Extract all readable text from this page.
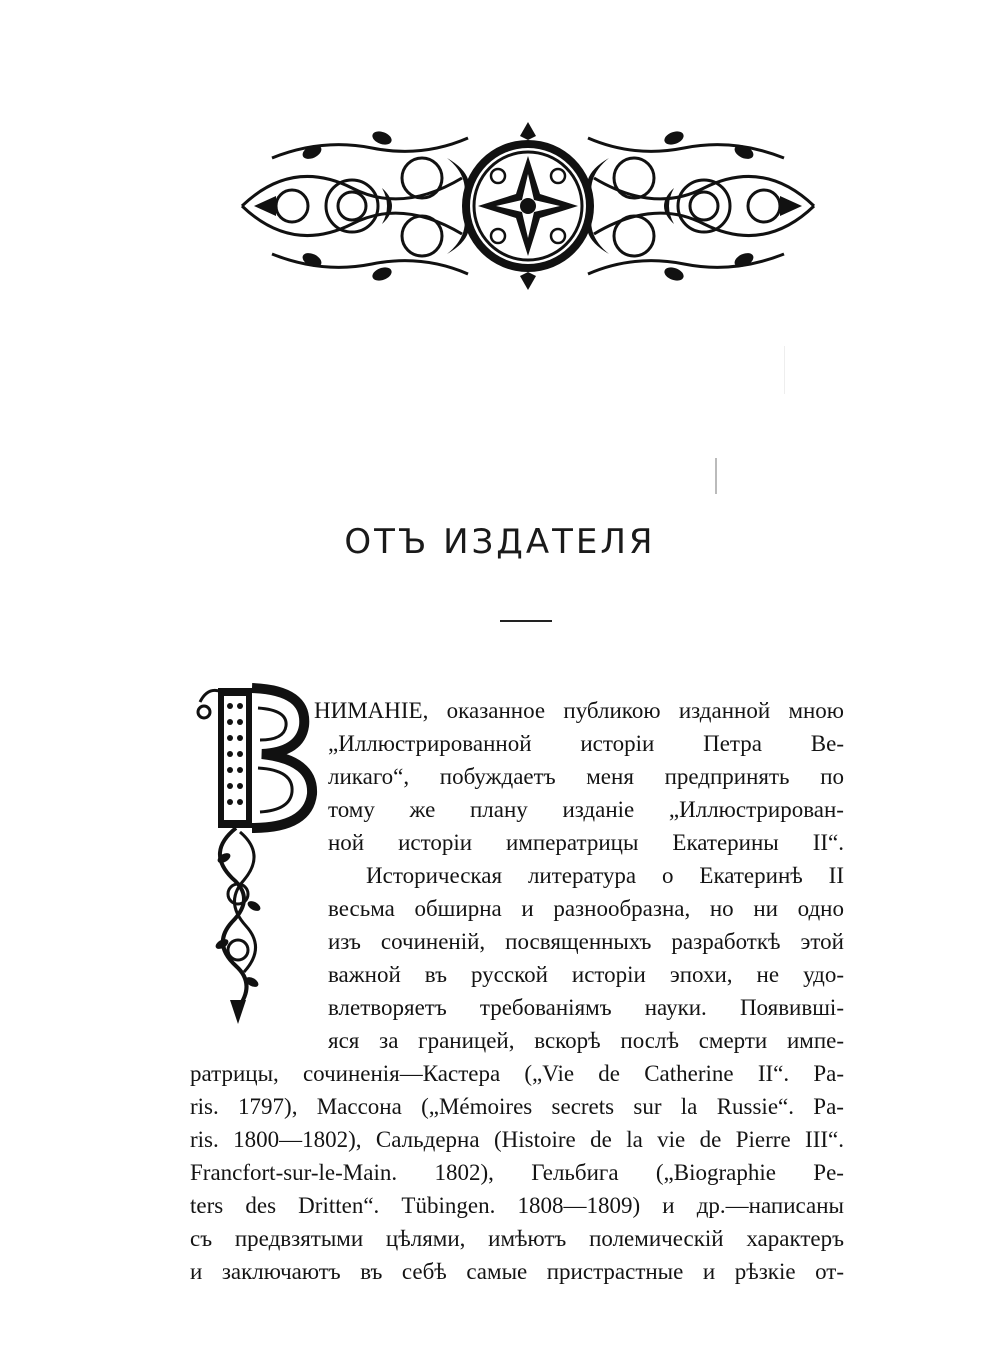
ОТЪ ИЗДАТЕЛЯ
НИМАНІЕ, оказанное публикою изданной мною
„Иллюстрированной исторіи Петра Ве-
ликаго“, побуждаетъ меня предпринять по
тому же плану изданіе „Иллюстрирован-
ной исторіи императрицы Екатерины II“.
Историческая литература о Екатеринѣ II
весьма обширна и разнообразна, но ни одно
изъ сочиненій, посвященныхъ разработкѣ этой
важной въ русской исторіи эпохи, не удо-
влетворяетъ требованіямъ науки. Появивші-
яся за границей, вскорѣ послѣ смерти импе-
ратрицы, сочиненія—Кастера („Vie de Catherine II“. Pa-
ris. 1797), Массона („Mémoires secrets sur la Russie“. Pa-
ris. 1800—1802), Сальдерна (Histoire de la vie de Pierre III“.
Francfort-sur-le-Main. 1802), Гельбига („Biographie Pe-
ters des Dritten“. Tübingen. 1808—1809) и др.—написаны
съ предвзятыми цѣлями, имѣютъ полемическій характеръ
и заключаютъ въ себѣ самые пристрастные и рѣзкіе от-
